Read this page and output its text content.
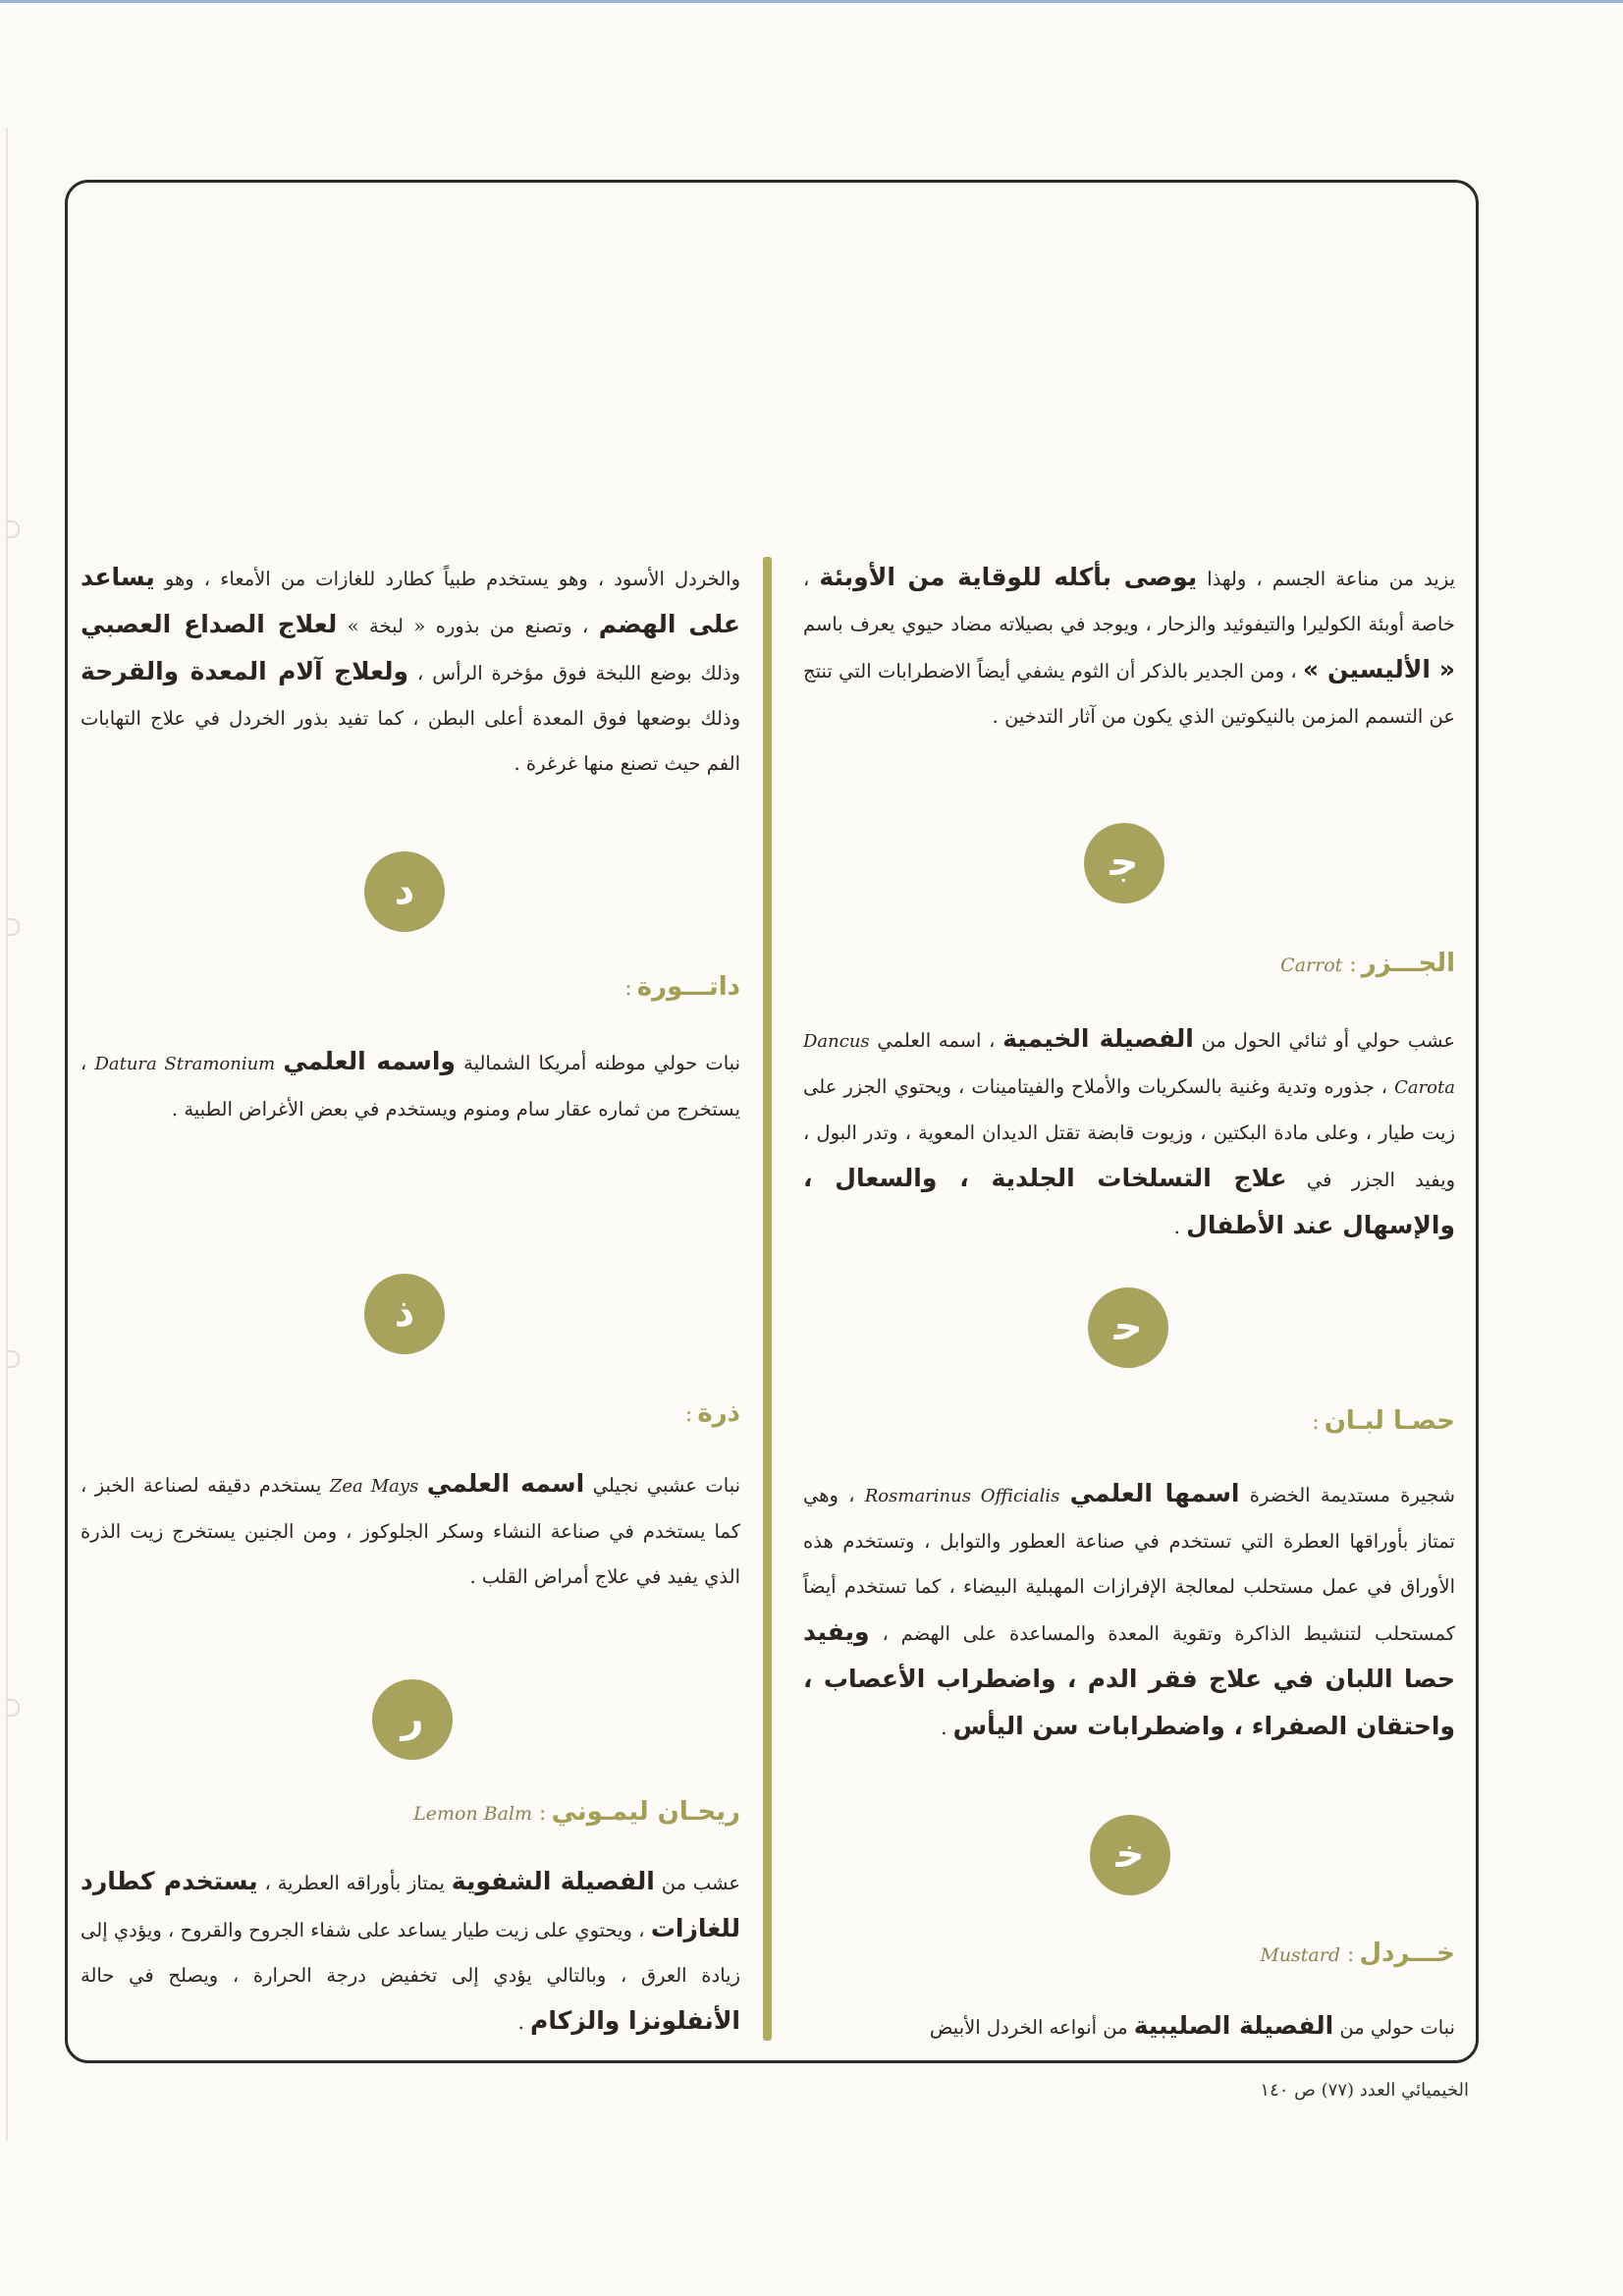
يزيد من مناعة الجسم ، ولهذا يوصى بأكله للوقاية من الأوبئة ، خاصة أوبئة الكوليرا والتيفوئيد والزحار ، ويوجد في بصيلاته مضاد حيوي يعرف باسم « الأليسين » ، ومن الجدير بالذكر أن الثوم يشفي أيضاً الاضطرابات التي تنتج عن التسمم المزمن بالنيكوتين الذي يكون من آثار التدخين .

ﺟ
الجـــزر : Carrot

عشب حولي أو ثنائي الحول من الفصيلة الخيمية ، اسمه العلمي Dancus Carota ، جذوره وتدية وغنية بالسكريات والأملاح والفيتامينات ، ويحتوي الجزر على زيت طيار ، وعلى مادة البكتين ، وزيوت قابضة تقتل الديدان المعوية ، وتدر البول ، ويفيد الجزر في علاج التسلخات الجلدية ، والسعال ، والإسهال عند الأطفال .

ﺣ
حصـا لبـان :

شجيرة مستديمة الخضرة اسمها العلمي Rosmarinus Officialis ، وهي تمتاز بأوراقها العطرة التي تستخدم في صناعة العطور والتوابل ، وتستخدم هذه الأوراق في عمل مستحلب لمعالجة الإفرازات المهبلية البيضاء ، كما تستخدم أيضاً كمستحلب لتنشيط الذاكرة وتقوية المعدة والمساعدة على الهضم ، ويفيد حصا اللبان في علاج فقر الدم ، واضطراب الأعصاب ، واحتقان الصفراء ، واضطرابات سن اليأس .

ﺧ
خـــردل : Mustard

نبات حولي من الفصيلة الصليبية من أنواعه الخردل الأبيض

والخردل الأسود ، وهو يستخدم طبياً كطارد للغازات من الأمعاء ، وهو يساعد على الهضم ، وتصنع من بذوره « لبخة » لعلاج الصداع العصبي وذلك بوضع اللبخة فوق مؤخرة الرأس ، ولعلاج آلام المعدة والقرحة وذلك بوضعها فوق المعدة أعلى البطن ، كما تفيد بذور الخردل في علاج التهابات الفم حيث تصنع منها غرغرة .

ﺩ
داتـــورة :

نبات حولي موطنه أمريكا الشمالية واسمه العلمي Datura Stramonium ، يستخرج من ثماره عقار سام ومنوم ويستخدم في بعض الأغراض الطبية .

ﺫ
ذرة :

نبات عشبي نجيلي اسمه العلمي Zea Mays يستخدم دقيقه لصناعة الخبز ، كما يستخدم في صناعة النشاء وسكر الجلوكوز ، ومن الجنين يستخرج زيت الذرة الذي يفيد في علاج أمراض القلب .

ﺭ
ريحـان ليمـوني : Lemon Balm

عشب من الفصيلة الشفوية يمتاز بأوراقه العطرية ، يستخدم كطارد للغازات ، ويحتوي على زيت طيار يساعد على شفاء الجروح والقروح ، ويؤدي إلى زيادة العرق ، وبالتالي يؤدي إلى تخفيض درجة الحرارة ، ويصلح في حالة الأنفلونزا والزكام .

الخيميائي العدد (٧٧) ص ١٤٠
